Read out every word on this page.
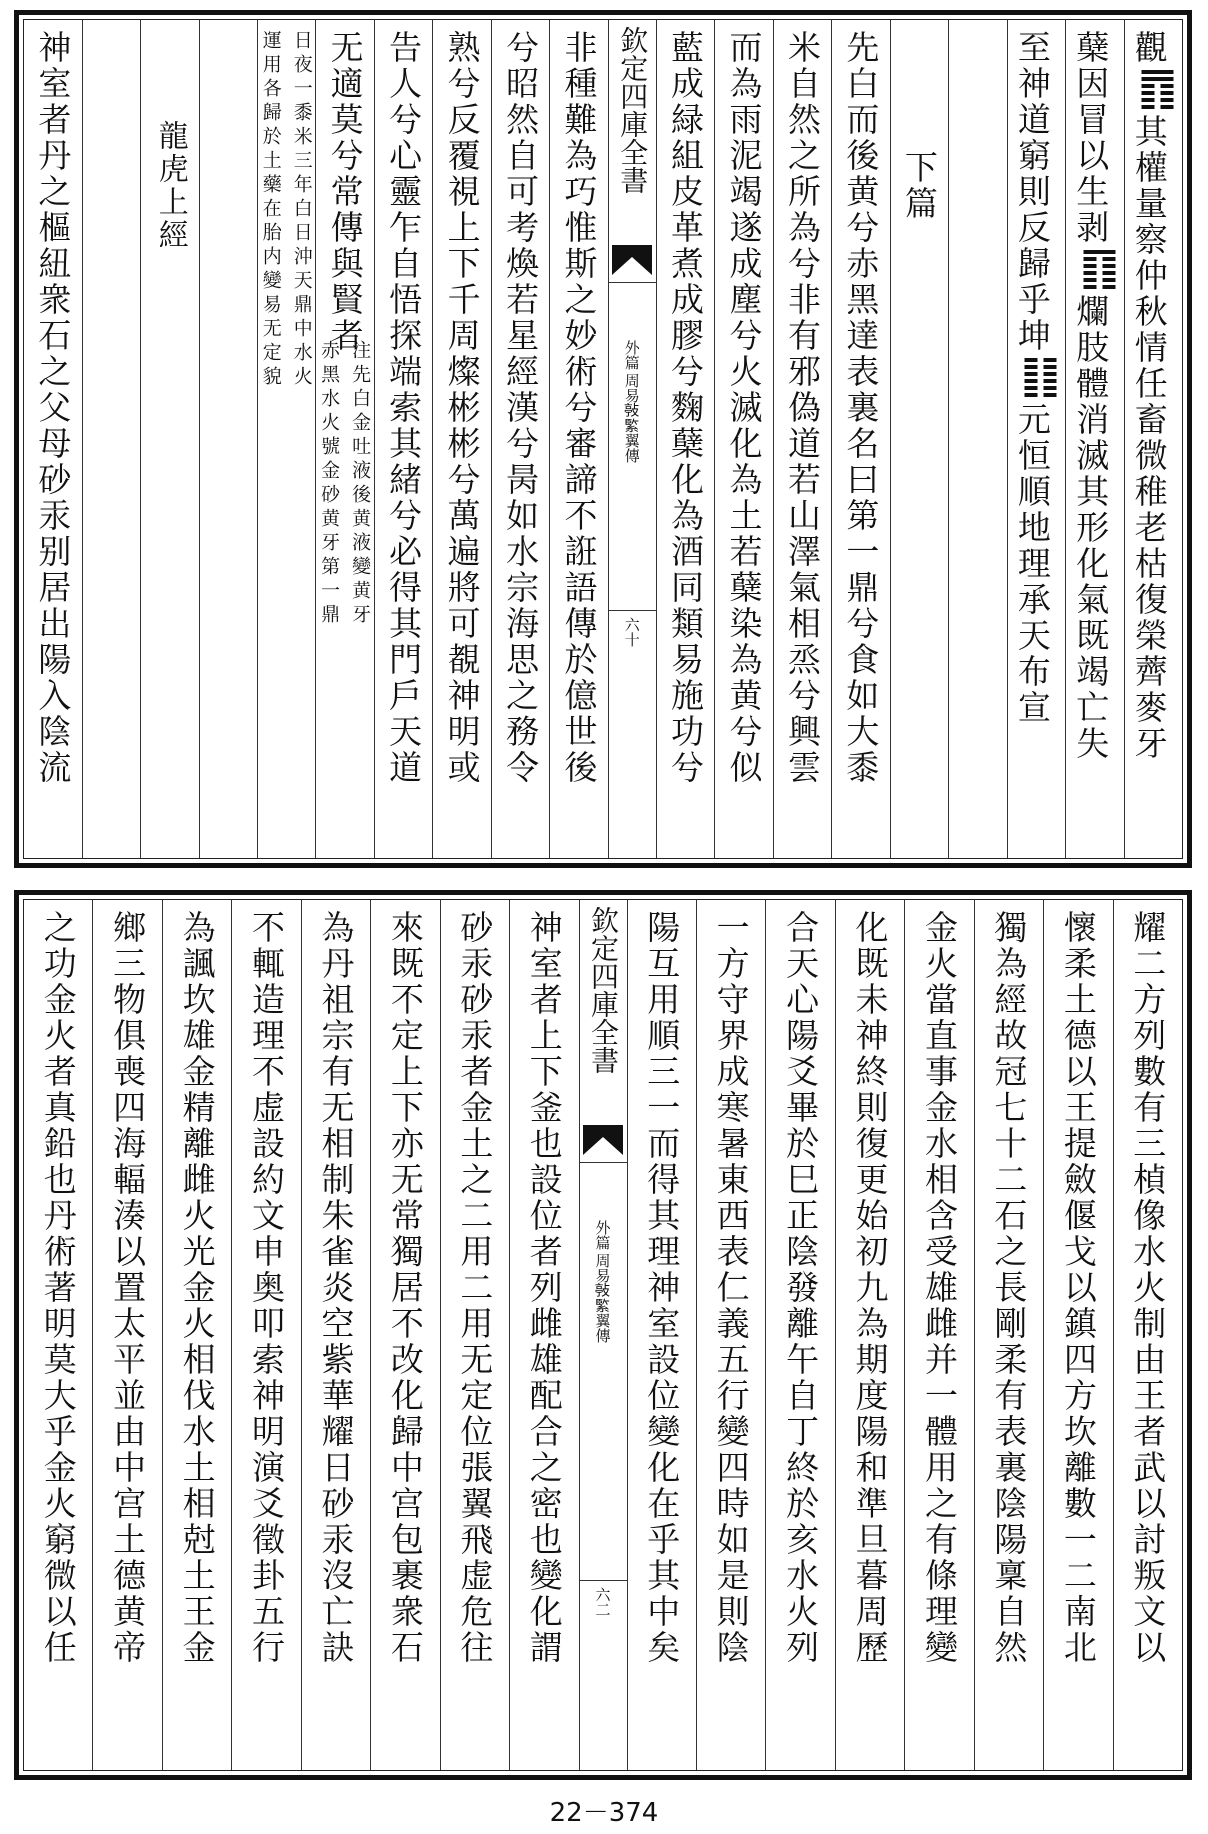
觀
其權量察仲秋情任畜微稚老枯復榮薺麥牙
蘖因冒以生剥
爛肢體消滅其形化氣既竭亡失
至神道窮則反歸乎坤
元恒順地理承天布宣
下篇
先白而後黄兮赤黑達表裏名曰第一鼎兮食如大黍
米自然之所為兮非有邪偽道若山澤氣相烝兮興雲
而為雨泥竭遂成塵兮火滅化為土若蘖染為黄兮似
藍成緑組皮革煮成膠兮麴蘖化為酒同類易施功兮
欽定四庫全書
周易𢾊𦂳翼傳
外篇
六十
非種難為巧惟斯之妙術兮審諦不誑語傳於億世後
兮昭然自可考煥若星經漢兮昺如水宗海思之務令
熟兮反覆視上下千周燦彬彬兮萬遍將可覩神明或
告人兮心靈乍自悟探端索其緒兮必得其門戶天道
无適莫兮常傳與賢者
注先白金吐液後黄液變黄牙
赤黑水火號金砂黄牙第一鼎
日夜一黍米三年白日沖天鼎中水火
運用各歸於土藥在胎内變易无定貌
龍虎上經
神室者丹之樞紐衆石之父母砂汞别居出陽入陰流
耀二方列數有三楨像水火制由王者武以討叛文以
懷柔土德以王提斂偃戈以鎮四方坎離數一二南北
獨為經故冠七十二石之長剛柔有表裏陰陽稟自然
金火當直事金水相含受雄雌并一體用之有條理變
化既未神終則復更始初九為期度陽和準旦暮周歷
合天心陽爻畢於巳正陰發離午自丁終於亥水火列
一方守界成寒暑東西表仁義五行變四時如是則陰
陽互用順三一而得其理神室設位變化在乎其中矣
欽定四庫全書
周易𢾊𦂳翼傳
外篇
六二
神室者上下釜也設位者列雌雄配合之密也變化謂
砂汞砂汞者金土之二用二用无定位張翼飛虚危往
來既不定上下亦无常獨居不改化歸中宫包裹衆石
為丹祖宗有无相制朱雀炎空紫華耀日砂汞沒亡訣
不輒造理不虚設約文申奥叩索神明演爻徵卦五行
為諷坎雄金精離雌火光金火相伐水土相尅土王金
鄉三物俱喪四海輻湊以置太平並由中宫土德黄帝
之功金火者真鉛也丹術著明莫大乎金火窮微以任
22－374
